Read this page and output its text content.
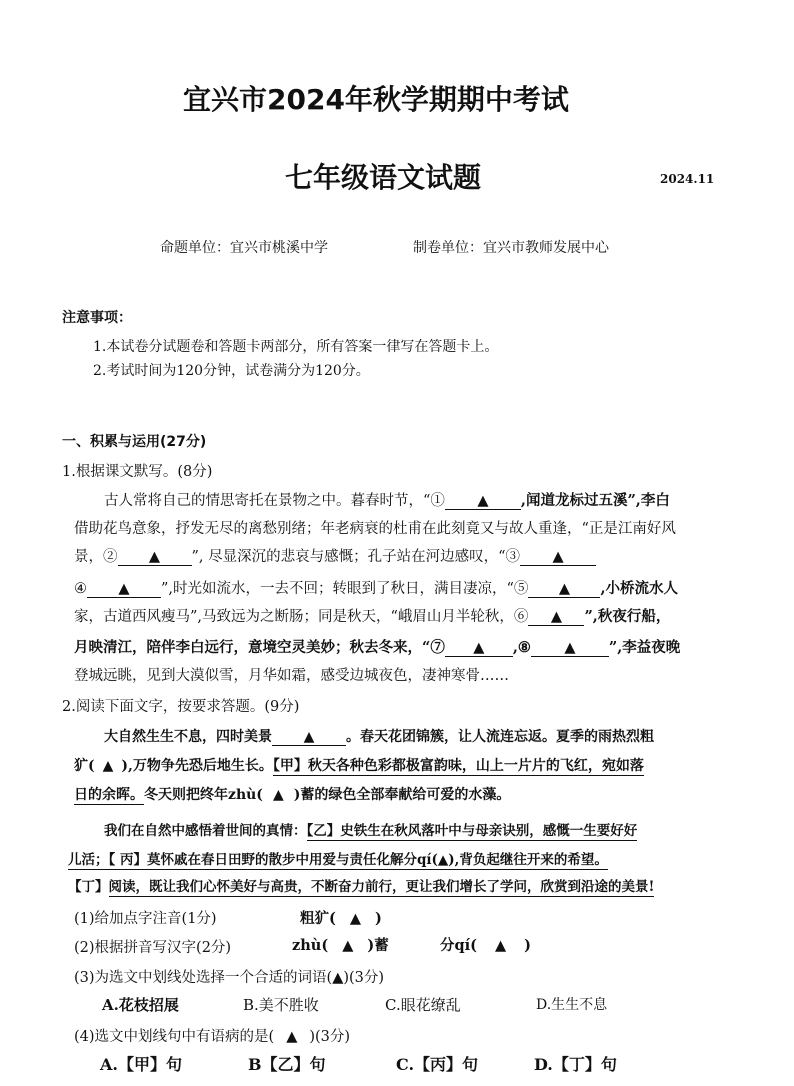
宜兴市2024年秋学期期中考试
七年级语文试题	2024.11
命题单位：宜兴市桃溪中学	制卷单位：宜兴市教师发展中心
注意事项：
1.本试卷分试题卷和答题卡两部分，所有答案一律写在答题卡上。
2.考试时间为120分钟，试卷满分为120分。
一、积累与运用(27分)
1.根据课文默写。(8分)
古人常将自己的情思寄托在景物之中。暮春时节，“① ▲ ,闻道龙标过五溪”,李白
借助花鸟意象，抒发无尽的离愁别绪；年老病衰的杜甫在此刻竟又与故人重逢，“正是江南好风
景，② ▲ ”, 尽显深沉的悲哀与感慨；孔子站在河边感叹，“③ ▲
④ ▲ ”,时光如流水，一去不回；转眼到了秋日，满目凄凉，“⑤ ▲ ,小桥流水人
家，古道西风瘦马”,马致远为之断肠；同是秋天，“峨眉山月半轮秋，⑥ ▲ ”,秋夜行船，
月映清江，陪伴李白远行，意境空灵美妙；秋去冬来，“⑦ ▲ ,⑧ ▲ ”,李益夜晚
登城远眺，见到大漠似雪，月华如霜，感受边城夜色，凄神寒骨……
2.阅读下面文字，按要求答题。(9分)
大自然生生不息，四时美景 ▲ 。春天花团锦簇，让人流连忘返。夏季的雨热烈粗
犷( ▲ ),万物争先恐后地生长。【甲】秋天各种色彩都极富韵味，山上一片片的飞红，宛如落
日的余晖。冬天则把终年zhù( ▲ )蓄的绿色全部奉献给可爱的水藻。
我们在自然中感悟着世间的真情：【乙】史铁生在秋风落叶中与母亲诀别，感慨一生要好好
儿活；【 丙】莫怀戚在春日田野的散步中用爱与责任化解分qí(▲),背负起继往开来的希望。
【丁】阅读，既让我们心怀美好与高贵，不断奋力前行，更让我们增长了学问，欣赏到沿途的美景!
(1)给加点字注音(1分)	粗犷( ▲ )
(2)根据拼音写汉字(2分)	zhù( ▲ )蓄	分qí( ▲ )
(3)为选文中划线处选择一个合适的词语(▲)(3分)
A.花枝招展	B.美不胜收	C.眼花缭乱	D.生生不息
(4)选文中划线句中有语病的是( ▲ )(3分)
A.【甲】句	B【乙】句	C.【丙】句	D.【丁】句
